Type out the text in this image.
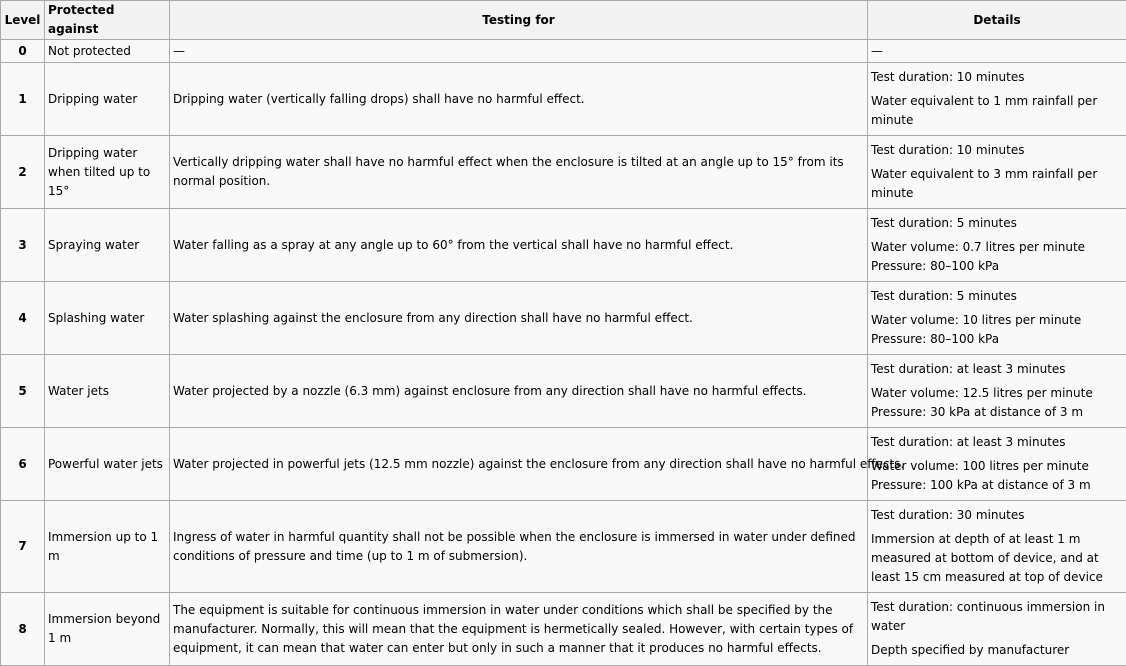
Level	Protected against	Testing for	Details
0	Not protected	—	—

1	Dripping water	Dripping water (vertically falling drops) shall have no harmful effect.	Test duration: 10 minutes
Water equivalent to 1 mm rainfall per minute

2	Dripping water when tilted up to 15°	Vertically dripping water shall have no harmful effect when the enclosure is tilted at an angle up to 15° from its normal position.	Test duration: 10 minutes
Water equivalent to 3 mm rainfall per minute

3	Spraying water	Water falling as a spray at any angle up to 60° from the vertical shall have no harmful effect.	Test duration: 5 minutes
Water volume: 0.7 litres per minute
Pressure: 80–100 kPa

4	Splashing water	Water splashing against the enclosure from any direction shall have no harmful effect.	Test duration: 5 minutes
Water volume: 10 litres per minute
Pressure: 80–100 kPa

5	Water jets	Water projected by a nozzle (6.3 mm) against enclosure from any direction shall have no harmful effects.	Test duration: at least 3 minutes
Water volume: 12.5 litres per minute
Pressure: 30 kPa at distance of 3 m

6	Powerful water jets	Water projected in powerful jets (12.5 mm nozzle) against the enclosure from any direction shall have no harmful effects.	Test duration: at least 3 minutes
Water volume: 100 litres per minute
Pressure: 100 kPa at distance of 3 m

7	Immersion up to 1 m	Ingress of water in harmful quantity shall not be possible when the enclosure is immersed in water under defined conditions of pressure and time (up to 1 m of submersion).	Test duration: 30 minutes
Immersion at depth of at least 1 m measured at bottom of device, and at least 15 cm measured at top of device

8	Immersion beyond 1 m	The equipment is suitable for continuous immersion in water under conditions which shall be specified by the manufacturer. Normally, this will mean that the equipment is hermetically sealed. However, with certain types of equipment, it can mean that water can enter but only in such a manner that it produces no harmful effects.	Test duration: continuous immersion in water
Depth specified by manufacturer
